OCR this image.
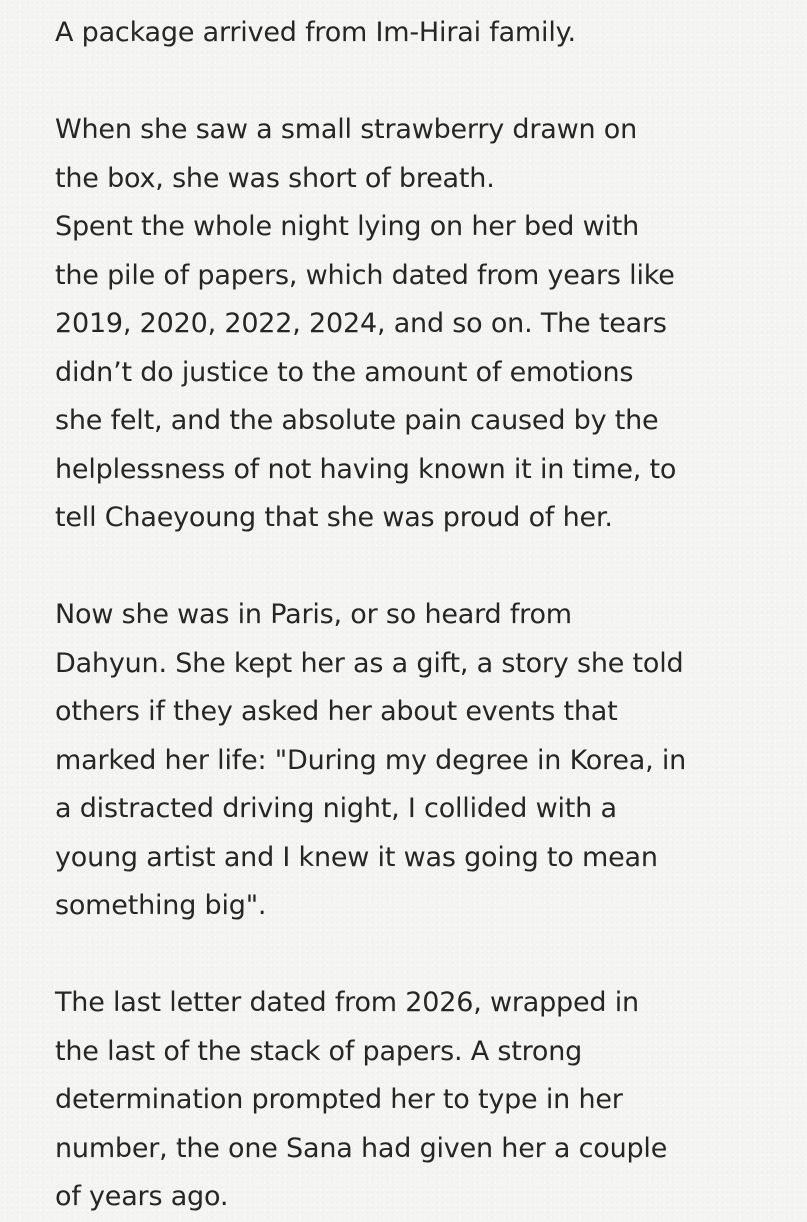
A package arrived from Im-Hirai family.
When she saw a small strawberry drawn on
the box, she was short of breath.
Spent the whole night lying on her bed with
the pile of papers, which dated from years like
2019, 2020, 2022, 2024, and so on. The tears
didn’t do justice to the amount of emotions
she felt, and the absolute pain caused by the
helplessness of not having known it in time, to
tell Chaeyoung that she was proud of her.
Now she was in Paris, or so heard from
Dahyun. She kept her as a gift, a story she told
others if they asked her about events that
marked her life: "During my degree in Korea, in
a distracted driving night, I collided with a
young artist and I knew it was going to mean
something big".
The last letter dated from 2026, wrapped in
the last of the stack of papers. A strong
determination prompted her to type in her
number, the one Sana had given her a couple
of years ago.
